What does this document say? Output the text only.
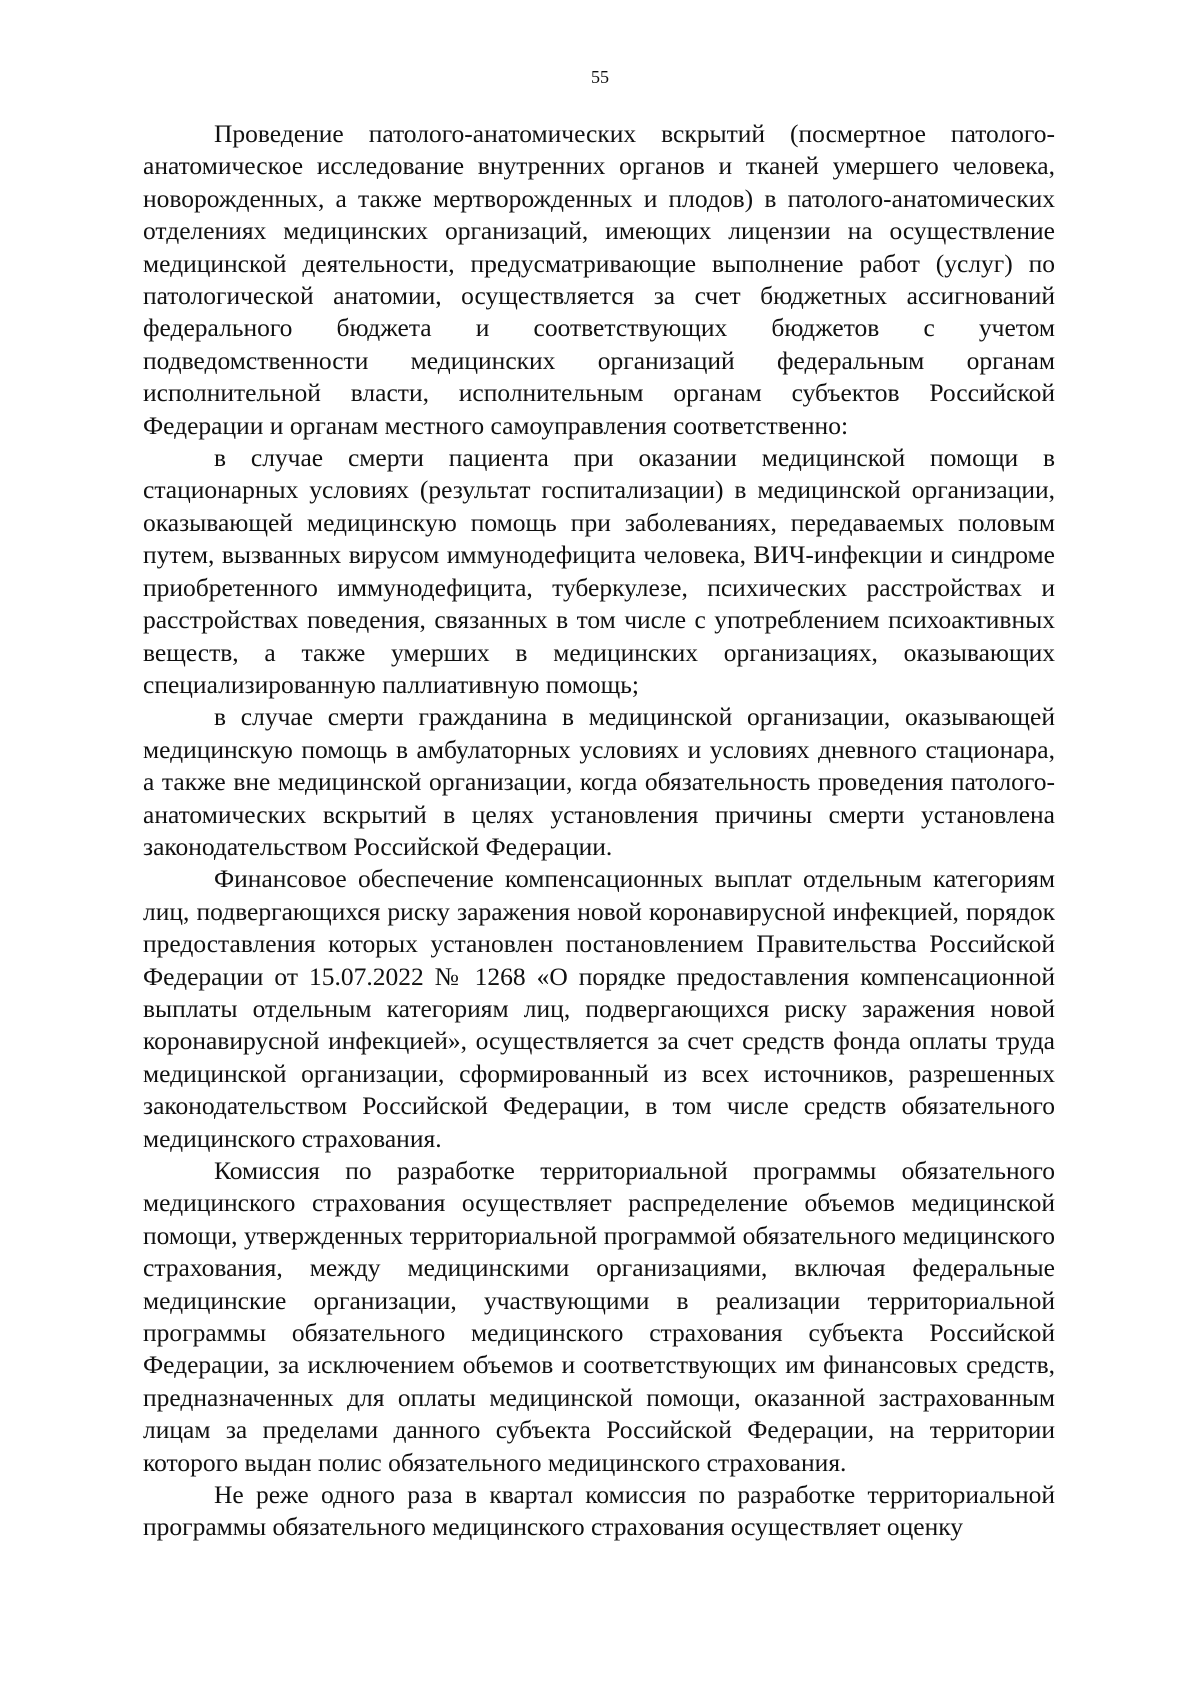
55

Проведение патолого-анатомических вскрытий (посмертное патолого-анатомическое исследование внутренних органов и тканей умершего человека, новорожденных, а также мертворожденных и плодов) в патолого-анатомических отделениях медицинских организаций, имеющих лицензии на осуществление медицинской деятельности, предусматривающие выполнение работ (услуг) по патологической анатомии, осуществляется за счет бюджетных ассигнований федерального бюджета и соответствующих бюджетов с учетом подведомственности медицинских организаций федеральным органам исполнительной власти, исполнительным органам субъектов Российской Федерации и органам местного самоуправления соответственно:

в случае смерти пациента при оказании медицинской помощи в стационарных условиях (результат госпитализации) в медицинской организации, оказывающей медицинскую помощь при заболеваниях, передаваемых половым путем, вызванных вирусом иммунодефицита человека, ВИЧ-инфекции и синдроме приобретенного иммунодефицита, туберкулезе, психических расстройствах и расстройствах поведения, связанных в том числе с употреблением психоактивных веществ, а также умерших в медицинских организациях, оказывающих специализированную паллиативную помощь;

в случае смерти гражданина в медицинской организации, оказывающей медицинскую помощь в амбулаторных условиях и условиях дневного стационара, а также вне медицинской организации, когда обязательность проведения патолого-анатомических вскрытий в целях установления причины смерти установлена законодательством Российской Федерации.

Финансовое обеспечение компенсационных выплат отдельным категориям лиц, подвергающихся риску заражения новой коронавирусной инфекцией, порядок предоставления которых установлен постановлением Правительства Российской Федерации от 15.07.2022 № 1268 «О порядке предоставления компенсационной выплаты отдельным категориям лиц, подвергающихся риску заражения новой коронавирусной инфекцией», осуществляется за счет средств фонда оплаты труда медицинской организации, сформированный из всех источников, разрешенных законодательством Российской Федерации, в том числе средств обязательного медицинского страхования.

Комиссия по разработке территориальной программы обязательного медицинского страхования осуществляет распределение объемов медицинской помощи, утвержденных территориальной программой обязательного медицинского страхования, между медицинскими организациями, включая федеральные медицинские организации, участвующими в реализации территориальной программы обязательного медицинского страхования субъекта Российской Федерации, за исключением объемов и соответствующих им финансовых средств, предназначенных для оплаты медицинской помощи, оказанной застрахованным лицам за пределами данного субъекта Российской Федерации, на территории которого выдан полис обязательного медицинского страхования.

Не реже одного раза в квартал комиссия по разработке территориальной программы обязательного медицинского страхования осуществляет оценку
